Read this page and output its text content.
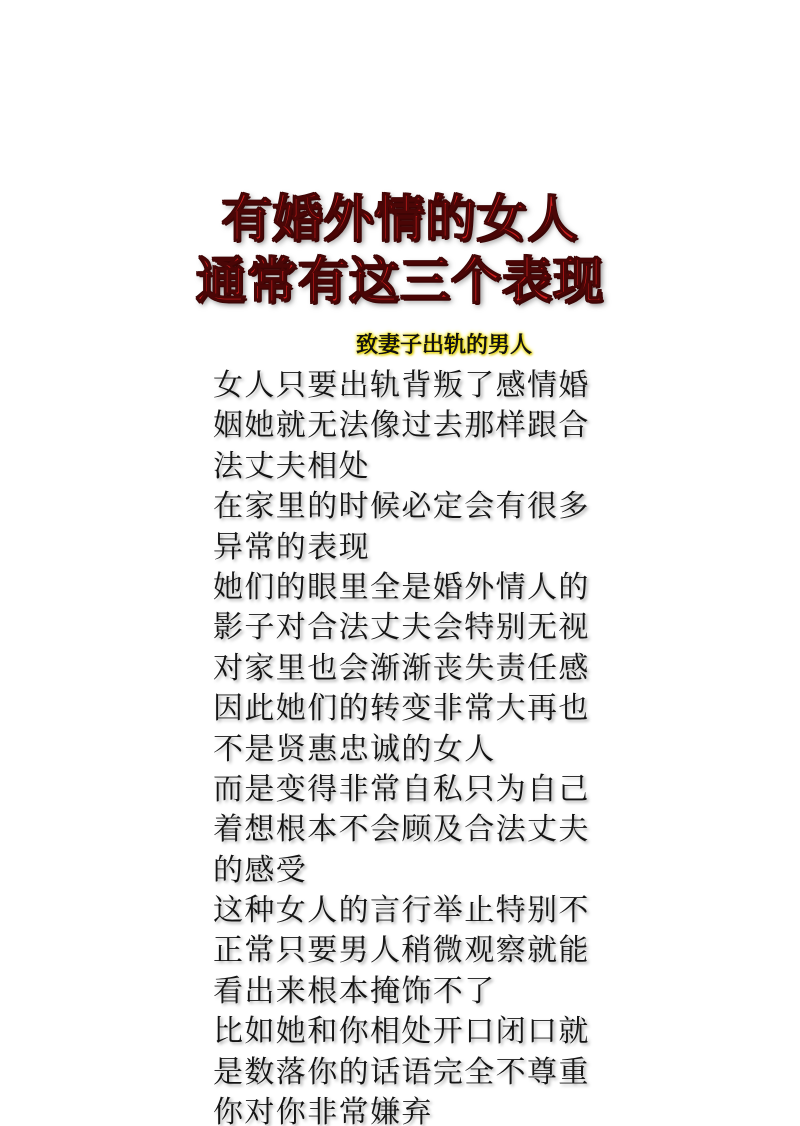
有婚外情的女人
通常有这三个表现
致妻子出轨的男人
女人只要出轨背叛了感情婚
姻她就无法像过去那样跟合
法丈夫相处
在家里的时候必定会有很多
异常的表现
她们的眼里全是婚外情人的
影子对合法丈夫会特别无视
对家里也会渐渐丧失责任感
因此她们的转变非常大再也
不是贤惠忠诚的女人
而是变得非常自私只为自己
着想根本不会顾及合法丈夫
的感受
这种女人的言行举止特别不
正常只要男人稍微观察就能
看出来根本掩饰不了
比如她和你相处开口闭口就
是数落你的话语完全不尊重
你对你非常嫌弃
